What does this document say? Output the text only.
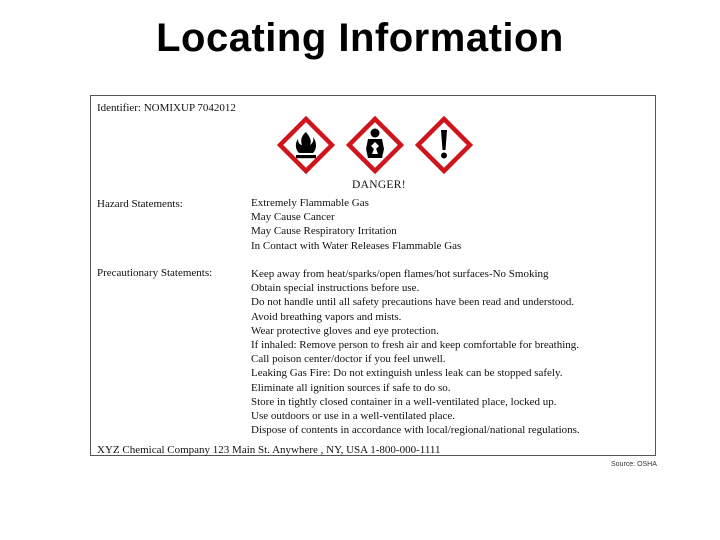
Locating Information
Identifier: NOMIXUP 7042012
DANGER!
Hazard Statements:	Extremely Flammable Gas
May Cause Cancer
May Cause Respiratory Irritation
In Contact with Water Releases Flammable Gas
Precautionary Statements:	Keep away from heat/sparks/open flames/hot surfaces-No Smoking
Obtain special instructions before use.
Do not handle until all safety precautions have been read and understood.
Avoid breathing vapors and mists.
Wear protective gloves and eye protection.
If inhaled: Remove person to fresh air and keep comfortable for breathing.
Call poison center/doctor if you feel unwell.
Leaking Gas Fire: Do not extinguish unless leak can be stopped safely.
Eliminate all ignition sources if safe to do so.
Store in tightly closed container in a well-ventilated place, locked up.
Use outdoors or use in a well-ventilated place.
Dispose of contents in accordance with local/regional/national regulations.
XYZ Chemical Company 123 Main St. Anywhere , NY, USA 1-800-000-1111
Source: OSHA
